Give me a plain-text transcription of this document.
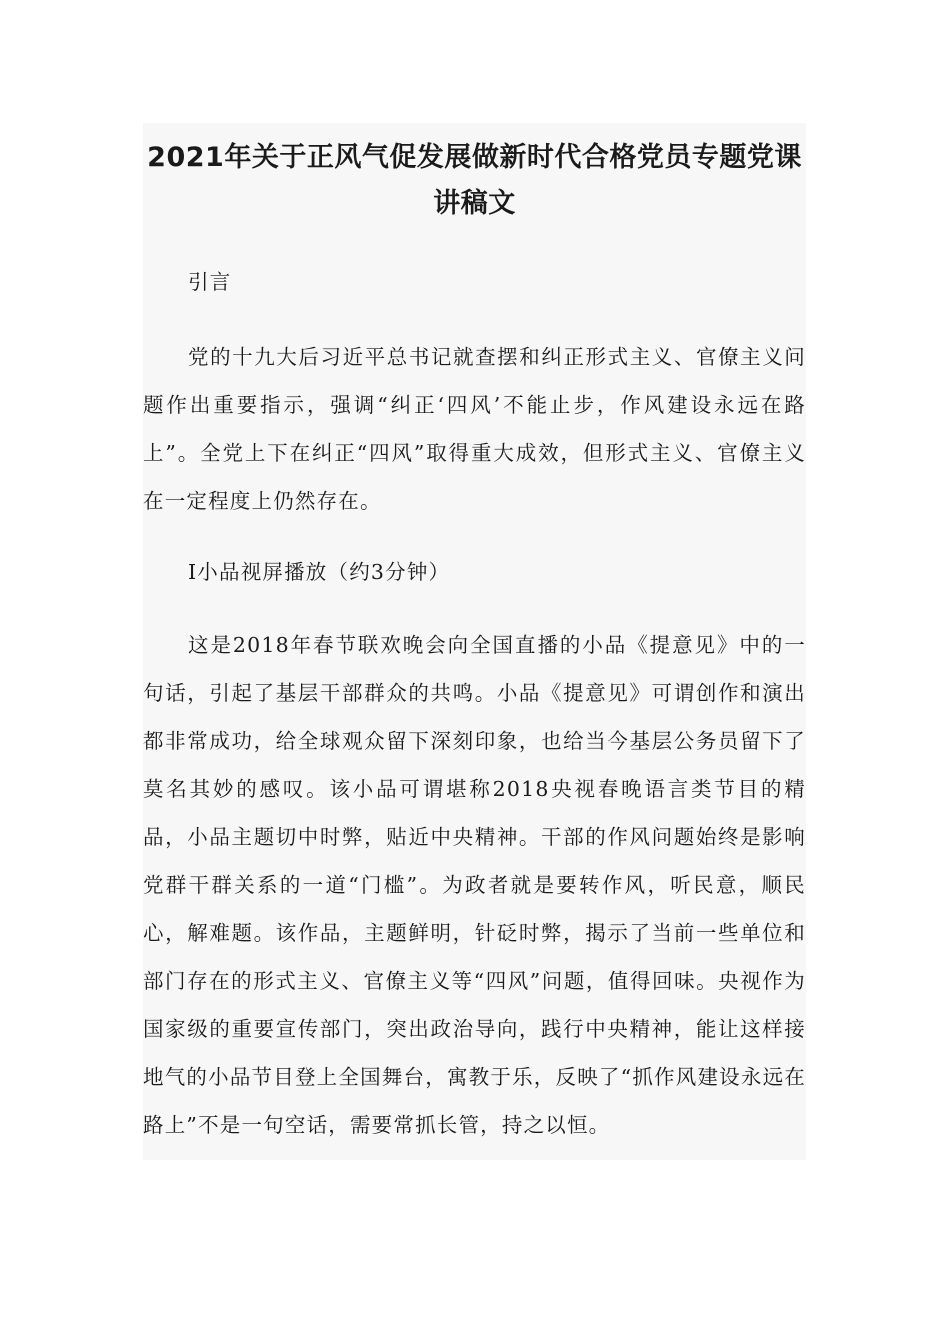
2021年关于正风气促发展做新时代合格党员专题党课讲稿文

引言

党的十九大后习近平总书记就查摆和纠正形式主义、官僚主义问题作出重要指示，强调“纠正‘四风’不能止步，作风建设永远在路上”。全党上下在纠正“四风”取得重大成效，但形式主义、官僚主义在一定程度上仍然存在。

I小品视屏播放（约3分钟）

这是2018年春节联欢晚会向全国直播的小品《提意见》中的一句话，引起了基层干部群众的共鸣。小品《提意见》可谓创作和演出都非常成功，给全球观众留下深刻印象，也给当今基层公务员留下了莫名其妙的感叹。该小品可谓堪称2018央视春晚语言类节目的精品，小品主题切中时弊，贴近中央精神。干部的作风问题始终是影响党群干群关系的一道“门槛”。为政者就是要转作风，听民意，顺民心，解难题。该作品，主题鲜明，针砭时弊，揭示了当前一些单位和部门存在的形式主义、官僚主义等“四风”问题，值得回味。央视作为国家级的重要宣传部门，突出政治导向，践行中央精神，能让这样接地气的小品节目登上全国舞台，寓教于乐，反映了“抓作风建设永远在路上”不是一句空话，需要常抓长管，持之以恒。
